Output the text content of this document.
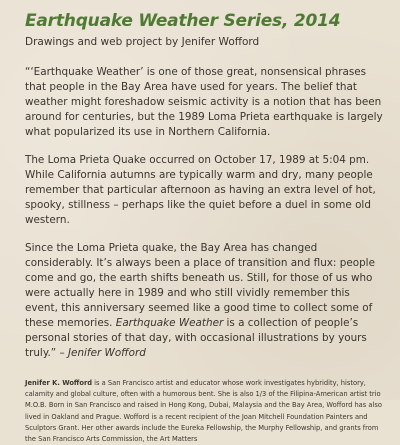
Earthquake Weather Series, 2014

Drawings and web project by Jenifer Wofford

“‘Earthquake Weather’ is one of those great, nonsensical phrases that people in the Bay Area have used for years. The belief that weather might foreshadow seismic activity is a notion that has been around for centuries, but the 1989 Loma Prieta earthquake is largely what popularized its use in Northern California.

The Loma Prieta Quake occurred on October 17, 1989 at 5:04 pm. While California autumns are typically warm and dry, many people remember that particular afternoon as having an extra level of hot, spooky, stillness – perhaps like the quiet before a duel in some old western.

Since the Loma Prieta quake, the Bay Area has changed considerably. It’s always been a place of transition and flux: people come and go, the earth shifts beneath us. Still, for those of us who were actually here in 1989 and who still vividly remember this event, this anniversary seemed like a good time to collect some of these memories. Earthquake Weather is a collection of people’s personal stories of that day, with occasional illustrations by yours truly.” – Jenifer Wofford

Jenifer K. Wofford is a San Francisco artist and educator whose work investigates hybridity, history, calamity and global culture, often with a humorous bent. She is also 1/3 of the Filipina-American artist trio M.O.B. Born in San Francisco and raised in Hong Kong, Dubai, Malaysia and the Bay Area, Wofford has also lived in Oakland and Prague. Wofford is a recent recipient of the Joan Mitchell Foundation Painters and Sculptors Grant. Her other awards include the Eureka Fellowship, the Murphy Fellowship, and grants from the San Francisco Arts Commission, the Art Matters
